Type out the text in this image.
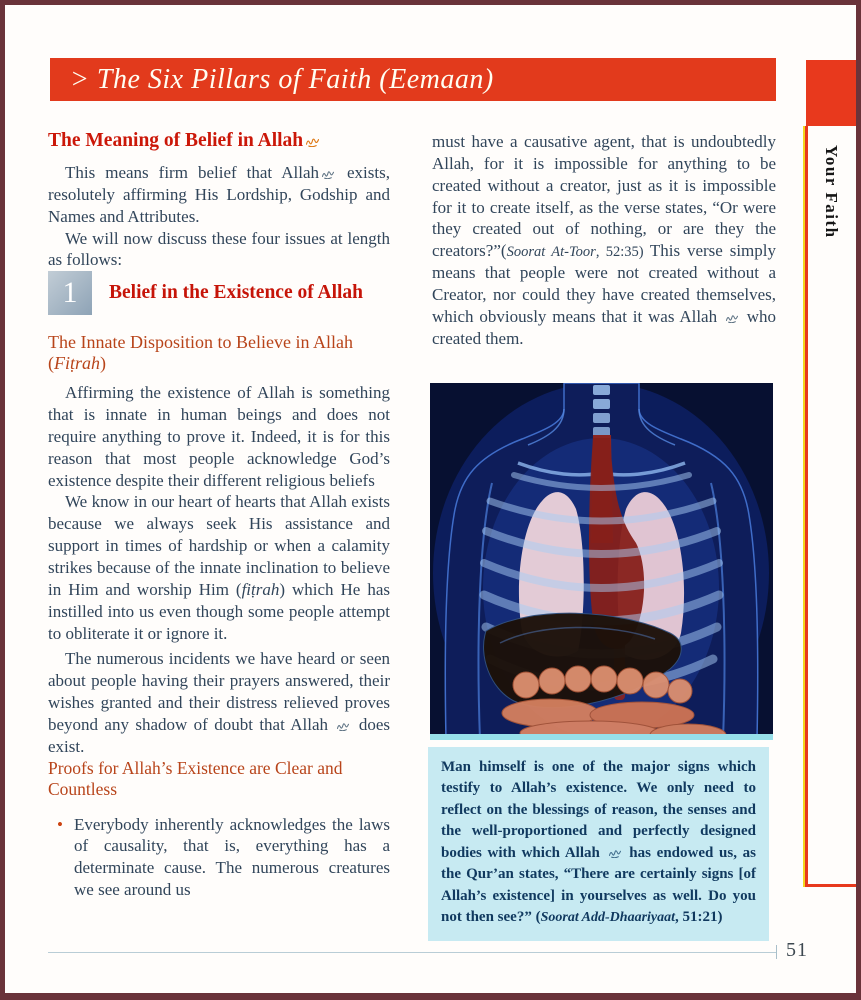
> The Six Pillars of Faith (Eemaan)
Your Faith
The Meaning of Belief in Allah

This means firm belief that Allah exists, resolutely affirming His Lordship, Godship and Names and Attributes.

We will now discuss these four issues at length as follows:

1	Belief in the Existence of Allah
The Innate Disposition to Believe in Allah (Fiṭrah)

Affirming the existence of Allah is something that is innate in human beings and does not require anything to prove it. Indeed, it is for this reason that most people acknowledge God’s existence despite their different religious beliefs

We know in our heart of hearts that Allah exists because we always seek His assistance and support in times of hardship or when a calamity strikes because of the innate inclination to believe in Him and worship Him (fiṭrah) which He has instilled into us even though some people attempt to obliterate it or ignore it.

The numerous incidents we have heard or seen about people having their prayers answered, their wishes granted and their distress relieved proves beyond any shadow of doubt that Allah does exist.

Proofs for Allah’s Existence are Clear and Countless
• Everybody inherently acknowledges the laws of causality, that is, everything has a determinate cause. The numerous creatures we see around us

must have a causative agent, that is undoubtedly Allah, for it is impossible for anything to be created without a creator, just as it is impossible for it to create itself, as the verse states, “Or were they created out of nothing, or are they the creators?”(Soorat At-Toor, 52:35) This verse simply means that people were not created without a Creator, nor could they have created themselves, which obviously means that it was Allah who created them.

Man himself is one of the major signs which testify to Allah’s existence. We only need to reflect on the blessings of reason, the senses and the well-proportioned and perfectly designed bodies with which Allah has endowed us, as the Qur’an states, “There are certainly signs [of Allah’s existence] in yourselves as well. Do you not then see?” (Soorat Add-Dhaariyaat, 51:21)

51
